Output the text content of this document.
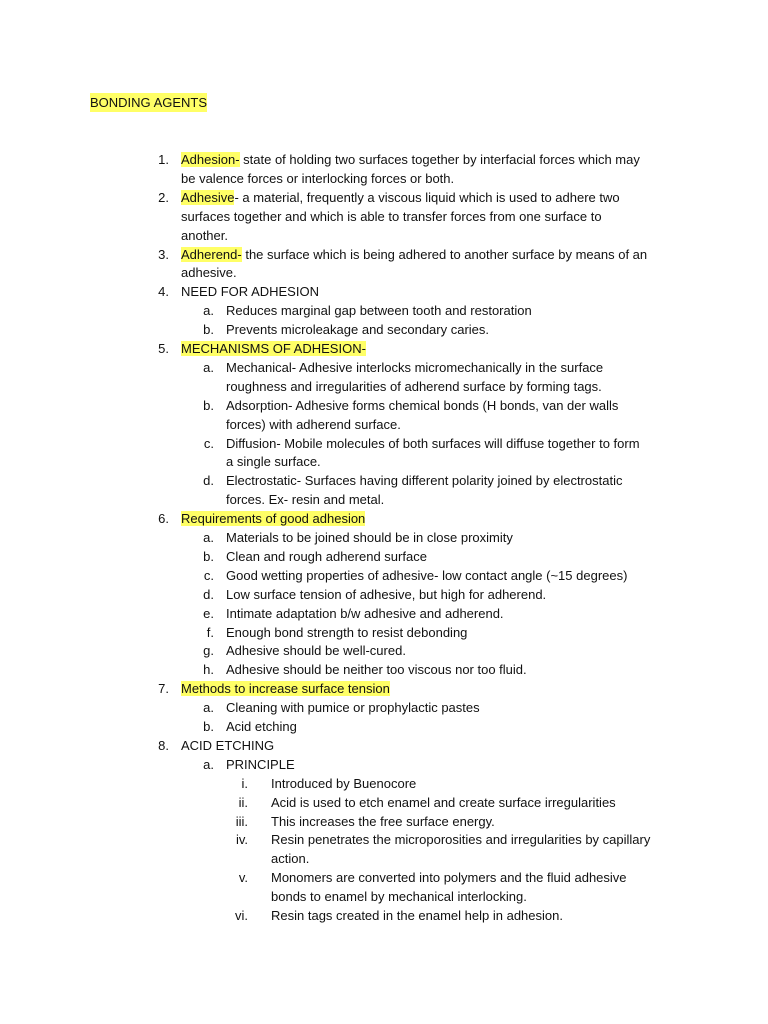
BONDING AGENTS
1. Adhesion- state of holding two surfaces together by interfacial forces which may
be valence forces or interlocking forces or both.
2. Adhesive- a material, frequently a viscous liquid which is used to adhere two
surfaces together and which is able to transfer forces from one surface to
another.
3. Adherend- the surface which is being adhered to another surface by means of an
adhesive.
4. NEED FOR ADHESION
a. Reduces marginal gap between tooth and restoration
b. Prevents microleakage and secondary caries.
5. MECHANISMS OF ADHESION-
a. Mechanical- Adhesive interlocks micromechanically in the surface
roughness and irregularities of adherend surface by forming tags.
b. Adsorption- Adhesive forms chemical bonds (H bonds, van der walls
forces) with adherend surface.
c. Diffusion- Mobile molecules of both surfaces will diffuse together to form
a single surface.
d. Electrostatic- Surfaces having different polarity joined by electrostatic
forces. Ex- resin and metal.
6. Requirements of good adhesion
a. Materials to be joined should be in close proximity
b. Clean and rough adherend surface
c. Good wetting properties of adhesive- low contact angle (~15 degrees)
d. Low surface tension of adhesive, but high for adherend.
e. Intimate adaptation b/w adhesive and adherend.
f. Enough bond strength to resist debonding
g. Adhesive should be well-cured.
h. Adhesive should be neither too viscous nor too fluid.
7. Methods to increase surface tension
a. Cleaning with pumice or prophylactic pastes
b. Acid etching
8. ACID ETCHING
a. PRINCIPLE
i. Introduced by Buenocore
ii. Acid is used to etch enamel and create surface irregularities
iii. This increases the free surface energy.
iv. Resin penetrates the microporosities and irregularities by capillary
action.
v. Monomers are converted into polymers and the fluid adhesive
bonds to enamel by mechanical interlocking.
vi. Resin tags created in the enamel help in adhesion.
